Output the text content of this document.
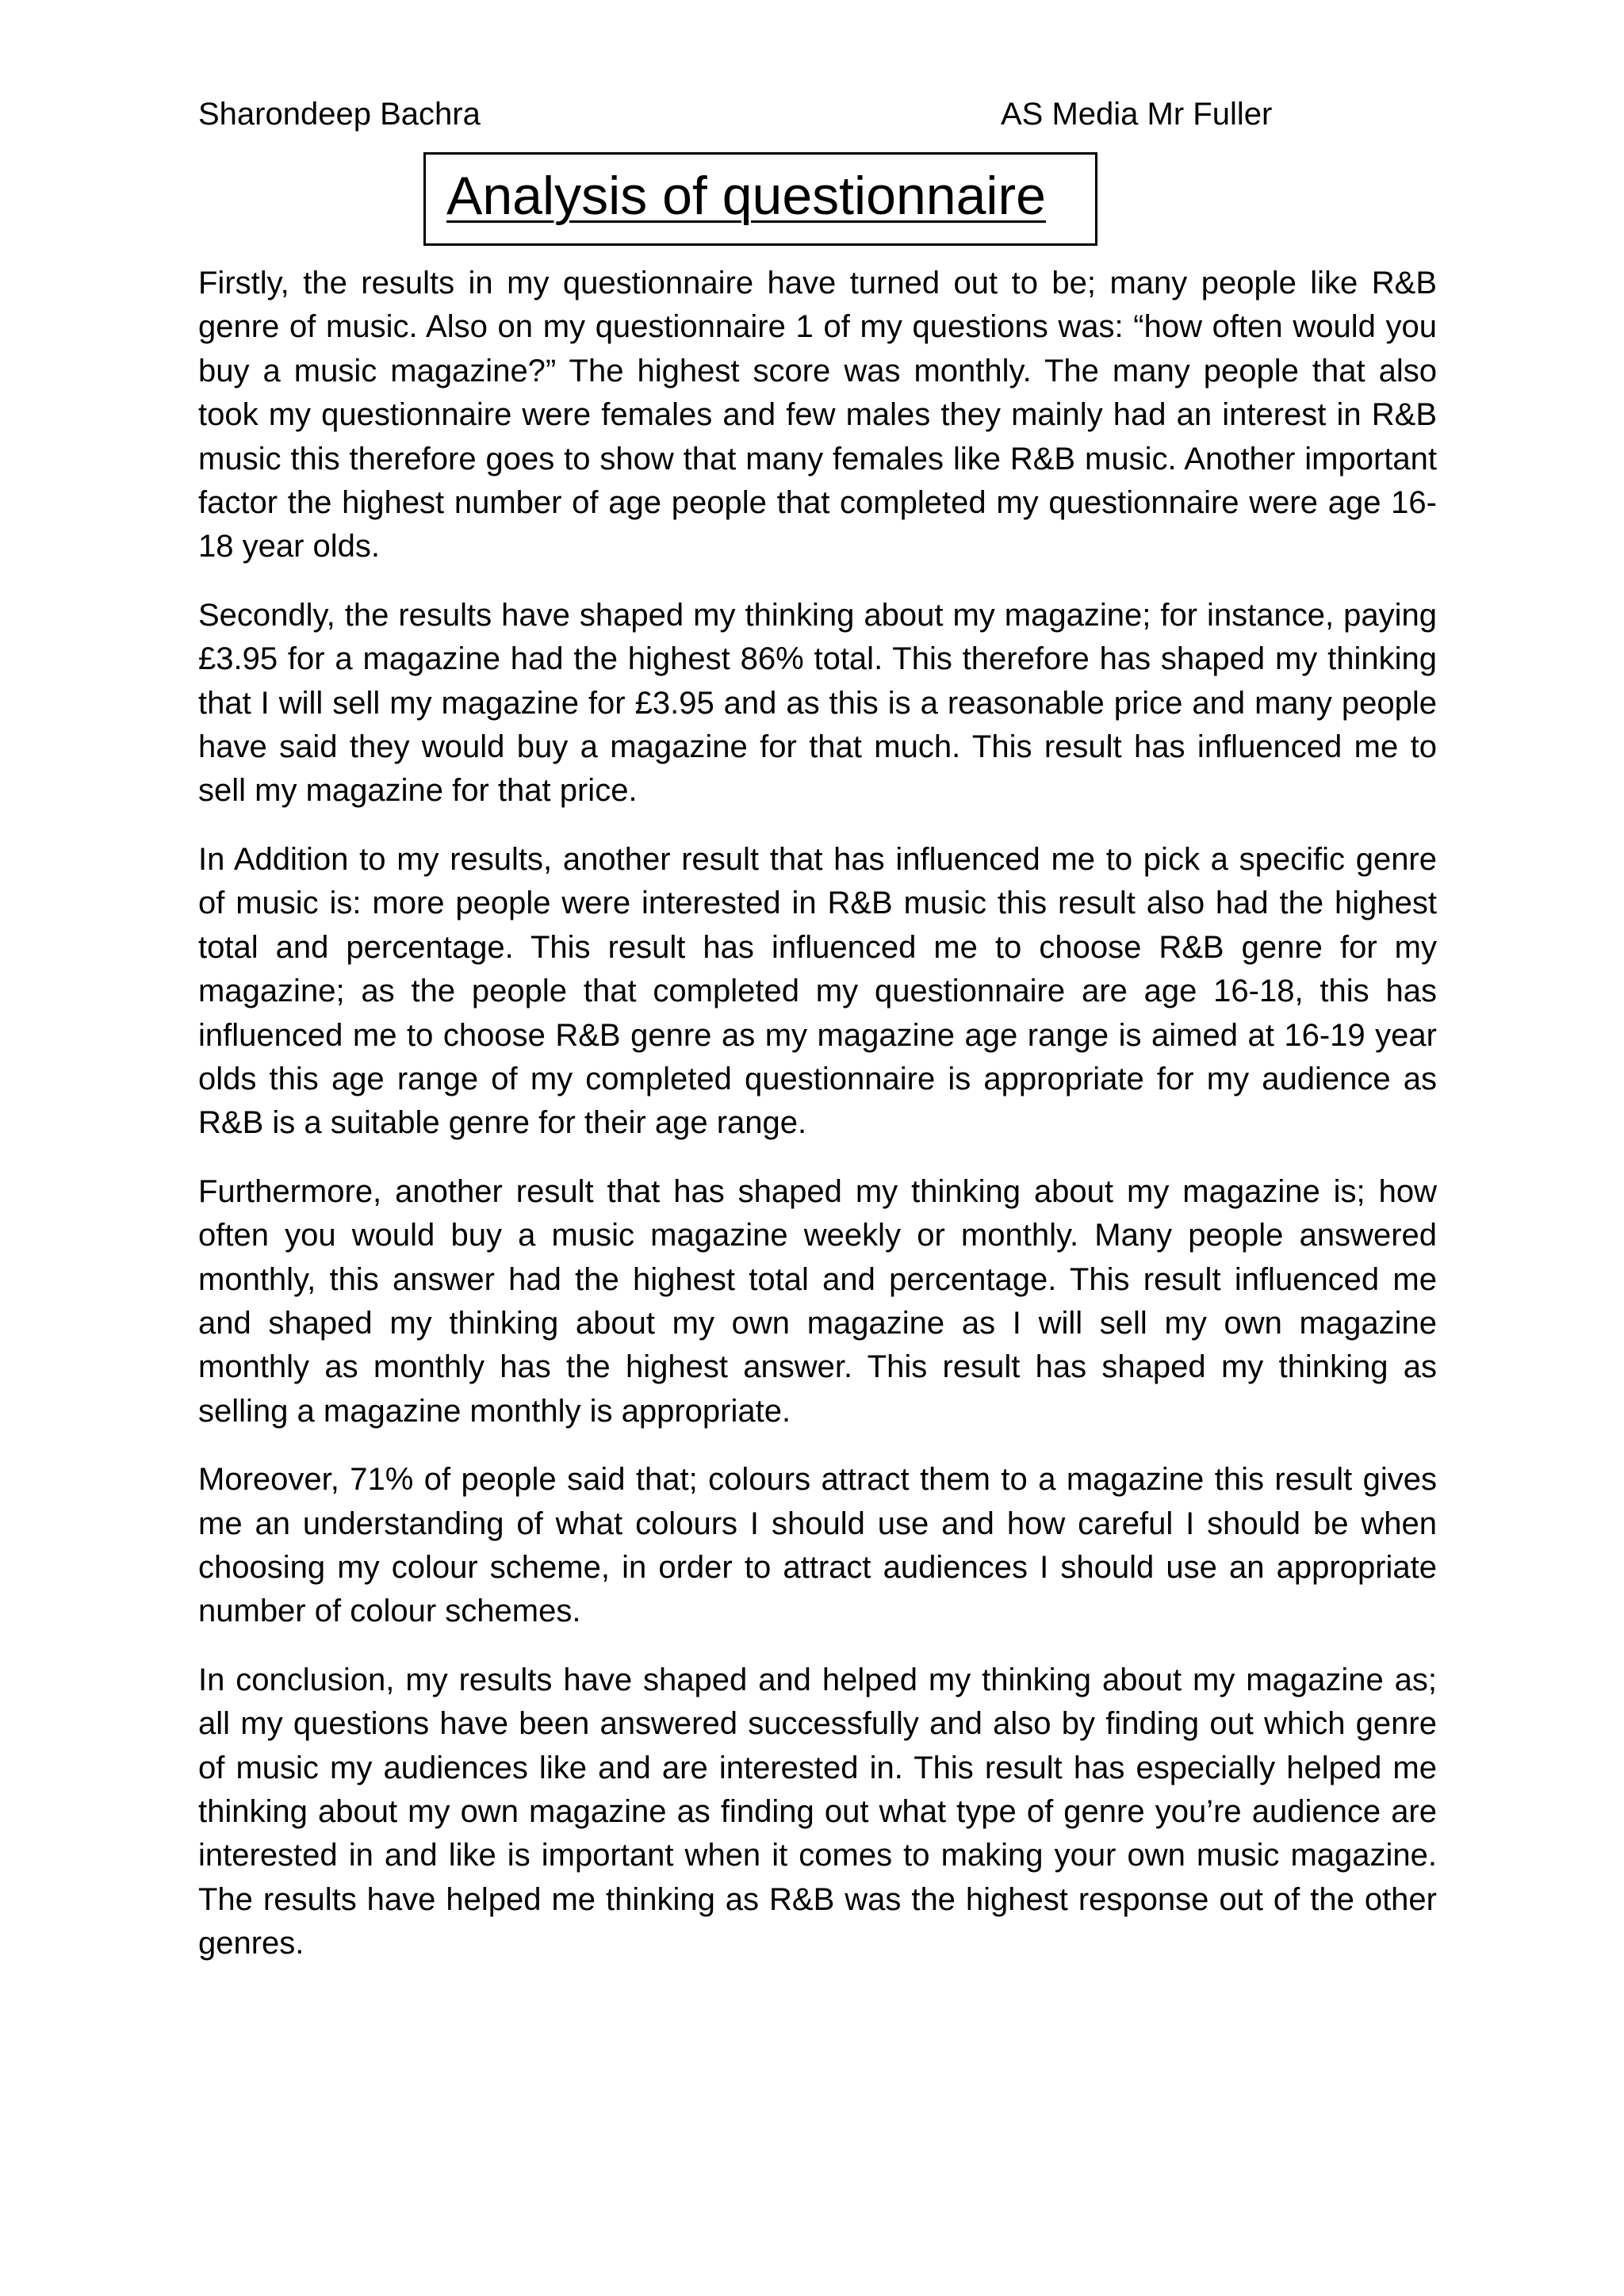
Sharondeep Bachra	AS Media Mr Fuller
Analysis of questionnaire

Firstly, the results in my questionnaire have turned out to be; many people like R&B genre of music. Also on my questionnaire 1 of my questions was: “how often would you buy a music magazine?” The highest score was monthly. The many people that also took my questionnaire were females and few males they mainly had an interest in R&B music this therefore goes to show that many females like R&B music. Another important factor the highest number of age people that completed my questionnaire were age 16-18 year olds.

Secondly, the results have shaped my thinking about my magazine; for instance, paying £3.95 for a magazine had the highest 86% total. This therefore has shaped my thinking that I will sell my magazine for £3.95 and as this is a reasonable price and many people have said they would buy a magazine for that much. This result has influenced me to sell my magazine for that price.

In Addition to my results, another result that has influenced me to pick a specific genre of music is: more people were interested in R&B music this result also had the highest total and percentage. This result has influenced me to choose R&B genre for my magazine; as the people that completed my questionnaire are age 16-18, this has influenced me to choose R&B genre as my magazine age range is aimed at 16-19 year olds this age range of my completed questionnaire is appropriate for my audience as R&B is a suitable genre for their age range.

Furthermore, another result that has shaped my thinking about my magazine is; how often you would buy a music magazine weekly or monthly. Many people answered monthly, this answer had the highest total and percentage. This result influenced me and shaped my thinking about my own magazine as I will sell my own magazine monthly as monthly has the highest answer. This result has shaped my thinking as selling a magazine monthly is appropriate.

Moreover, 71% of people said that; colours attract them to a magazine this result gives me an understanding of what colours I should use and how careful I should be when choosing my colour scheme, in order to attract audiences I should use an appropriate number of colour schemes.

In conclusion, my results have shaped and helped my thinking about my magazine as; all my questions have been answered successfully and also by finding out which genre of music my audiences like and are interested in. This result has especially helped me thinking about my own magazine as finding out what type of genre you’re audience are interested in and like is important when it comes to making your own music magazine. The results have helped me thinking as R&B was the highest response out of the other genres.
